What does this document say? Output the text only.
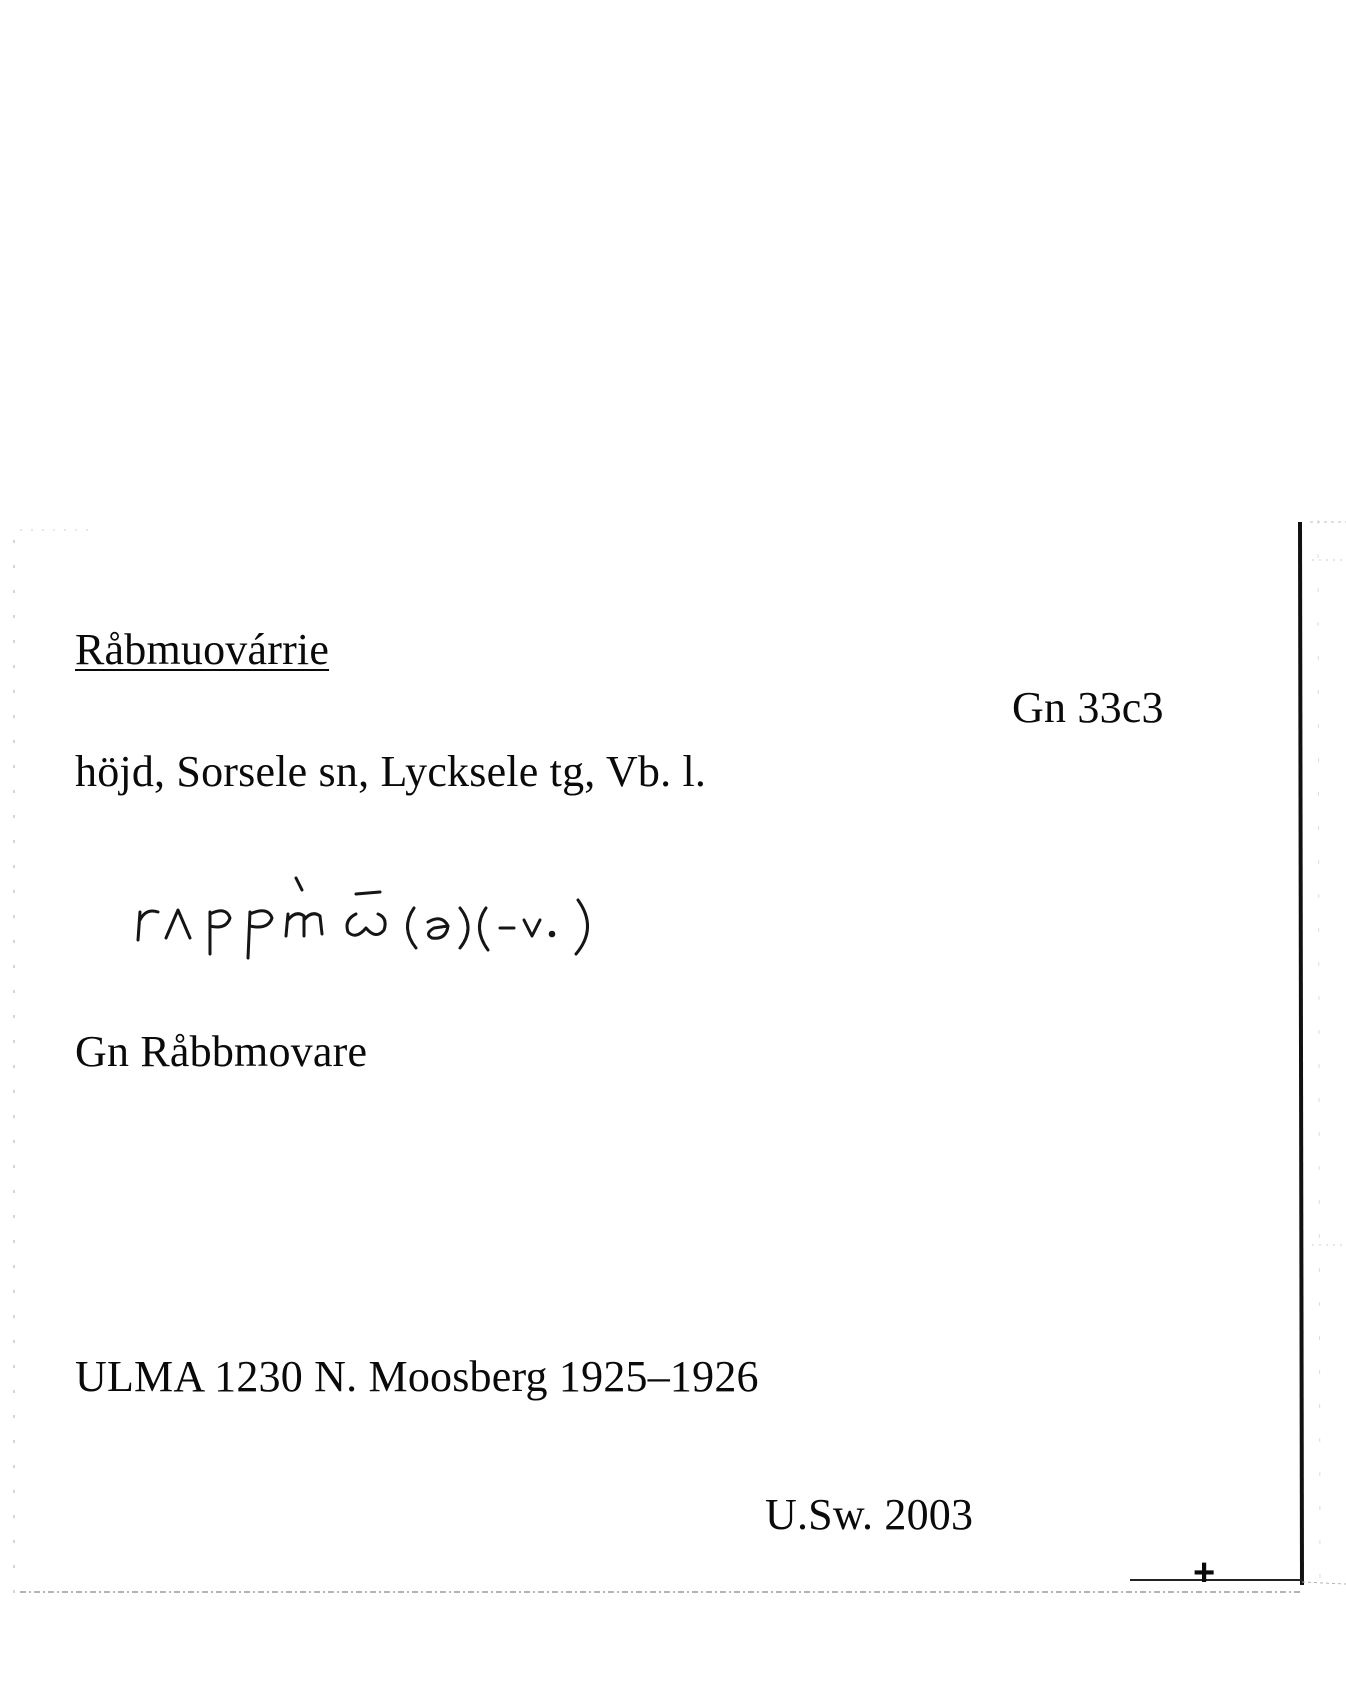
Råbmuovárrie
Gn 33c3
höjd, Sorsele sn, Lycksele tg, Vb. l.
Gn Råbbmovare
ULMA 1230 N. Moosberg 1925–1926
U.Sw. 2003
+
